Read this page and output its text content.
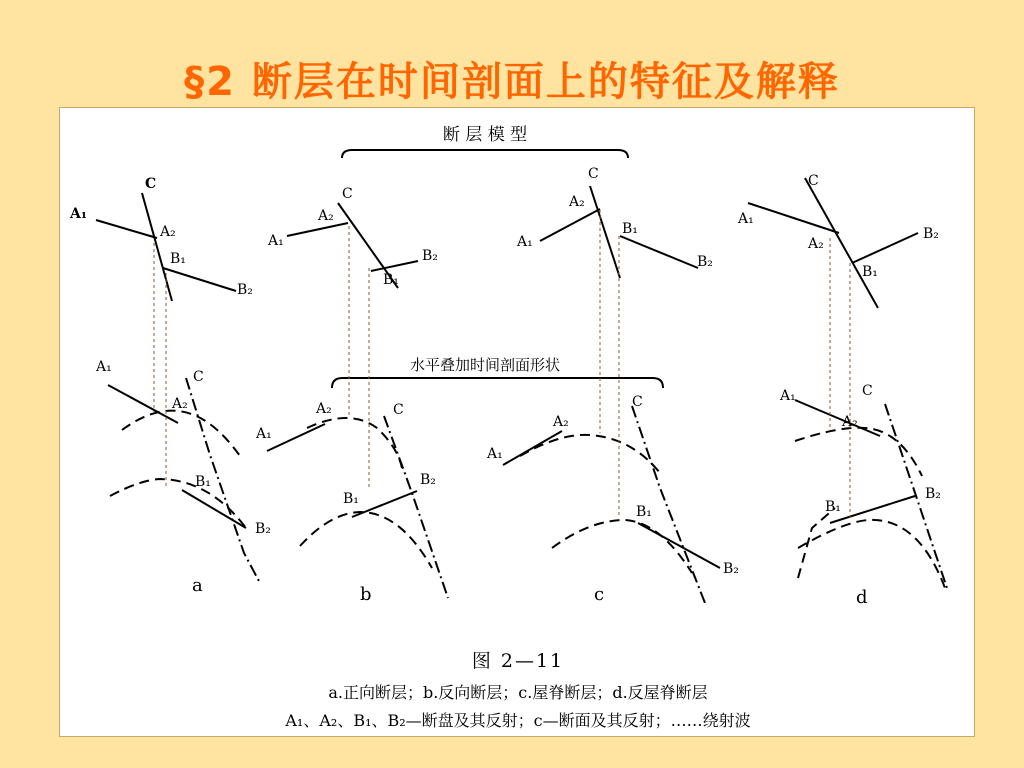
§2 断层在时间剖面上的特征及解释
断 层 模 型
水平叠加时间剖面形状
C
A₁
A₂
B₁
B₂
A₁
C
A₂
B₁
B₂
a
C
A₂
A₁
B₂
B₁
A₂	C
A₁
B₂
B₁
b
C
A₂
B₁
A₁
B₂
A₂
C
A₁
B₁
B₂
c
C
A₁
B₂
A₂
B₁
A₁	C
A₂
B₂
B₁
d
图 2—11
a.正向断层；b.反向断层；c.屋脊断层；d.反屋脊断层
A₁、A₂、B₁、B₂—断盘及其反射；c—断面及其反射；……绕射波
